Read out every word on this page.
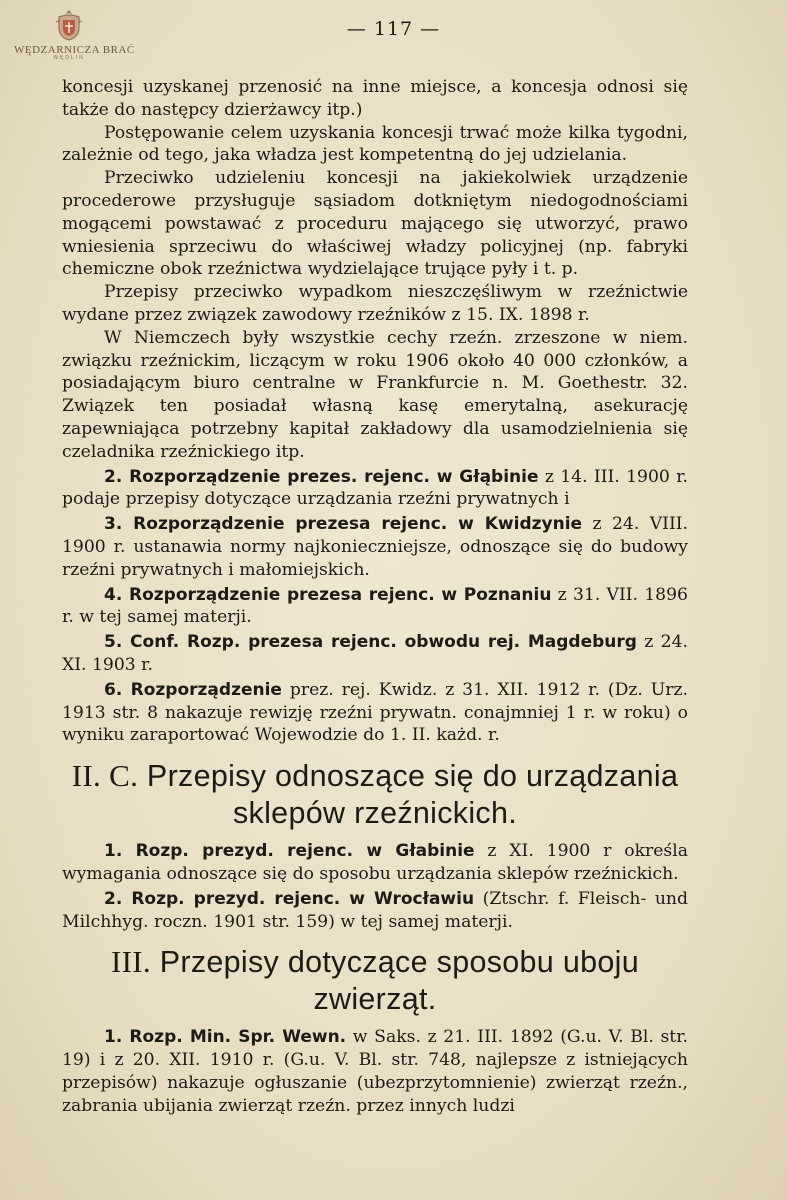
WĘDZARNICZA BRAĆ
WĘDLIN
— 117 —

koncesji uzyskanej przenosić na inne miejsce, a koncesja odnosi się także do następcy dzierżawcy itp.)

Postępowanie celem uzyskania koncesji trwać może kilka tygodni, zależnie od tego, jaka władza jest kompetentną do jej udzielania.

Przeciwko udzieleniu koncesji na jakiekolwiek urządzenie procederowe przysługuje sąsiadom dotkniętym niedogodnościami mogącemi powstawać z proceduru mającego się utworzyć, prawo wniesienia sprzeciwu do właściwej władzy policyjnej (np. fabryki chemiczne obok rzeźnictwa wydzielające trujące pyły i t. p.

Przepisy przeciwko wypadkom nieszczęśliwym w rzeźnictwie wydane przez związek zawodowy rzeźników z 15. IX. 1898 r.

W Niemczech były wszystkie cechy rzeźn. zrzeszone w niem. związku rzeźnickim, liczącym w roku 1906 około 40 000 członków, a posiadającym biuro centralne w Frankfurcie n. M. Goethestr. 32. Związek ten posiadał własną kasę emerytalną, asekurację zapewniająca potrzebny kapitał zakładowy dla usamodzielnienia się czeladnika rzeźnickiego itp.

2. Rozporządzenie prezes. rejenc. w Głąbinie z 14. III. 1900 r. podaje przepisy dotyczące urządzania rzeźni prywatnych i

3. Rozporządzenie prezesa rejenc. w Kwidzynie z 24. VIII. 1900 r. ustanawia normy najkonieczniejsze, odnoszące się do budowy rzeźni prywatnych i małomiejskich.

4. Rozporządzenie prezesa rejenc. w Poznaniu z 31. VII. 1896 r. w tej samej materji.

5. Conf. Rozp. prezesa rejenc. obwodu rej. Magdeburg z 24. XI. 1903 r.

6. Rozporządzenie prez. rej. Kwidz. z 31. XII. 1912 r. (Dz. Urz. 1913 str. 8 nakazuje rewizję rzeźni prywatn. conajmniej 1 r. w roku) o wyniku zaraportować Wojewodzie do 1. II. każd. r.

II. C. Przepisy odnoszące się do urządzania sklepów rzeźnickich.

1. Rozp. prezyd. rejenc. w Głabinie z XI. 1900 r określa wymagania odnoszące się do sposobu urządzania sklepów rzeźnickich.

2. Rozp. prezyd. rejenc. w Wrocławiu (Ztschr. f. Fleisch- und Milchhyg. roczn. 1901 str. 159) w tej samej materji.

III. Przepisy dotyczące sposobu uboju zwierząt.

1. Rozp. Min. Spr. Wewn. w Saks. z 21. III. 1892 (G.u. V. Bl. str. 19) i z 20. XII. 1910 r. (G.u. V. Bl. str. 748, najlepsze z istniejących przepisów) nakazuje ogłuszanie (ubezprzytomnienie) zwierząt rzeźn., zabrania ubijania zwierząt rzeźn. przez innych ludzi
